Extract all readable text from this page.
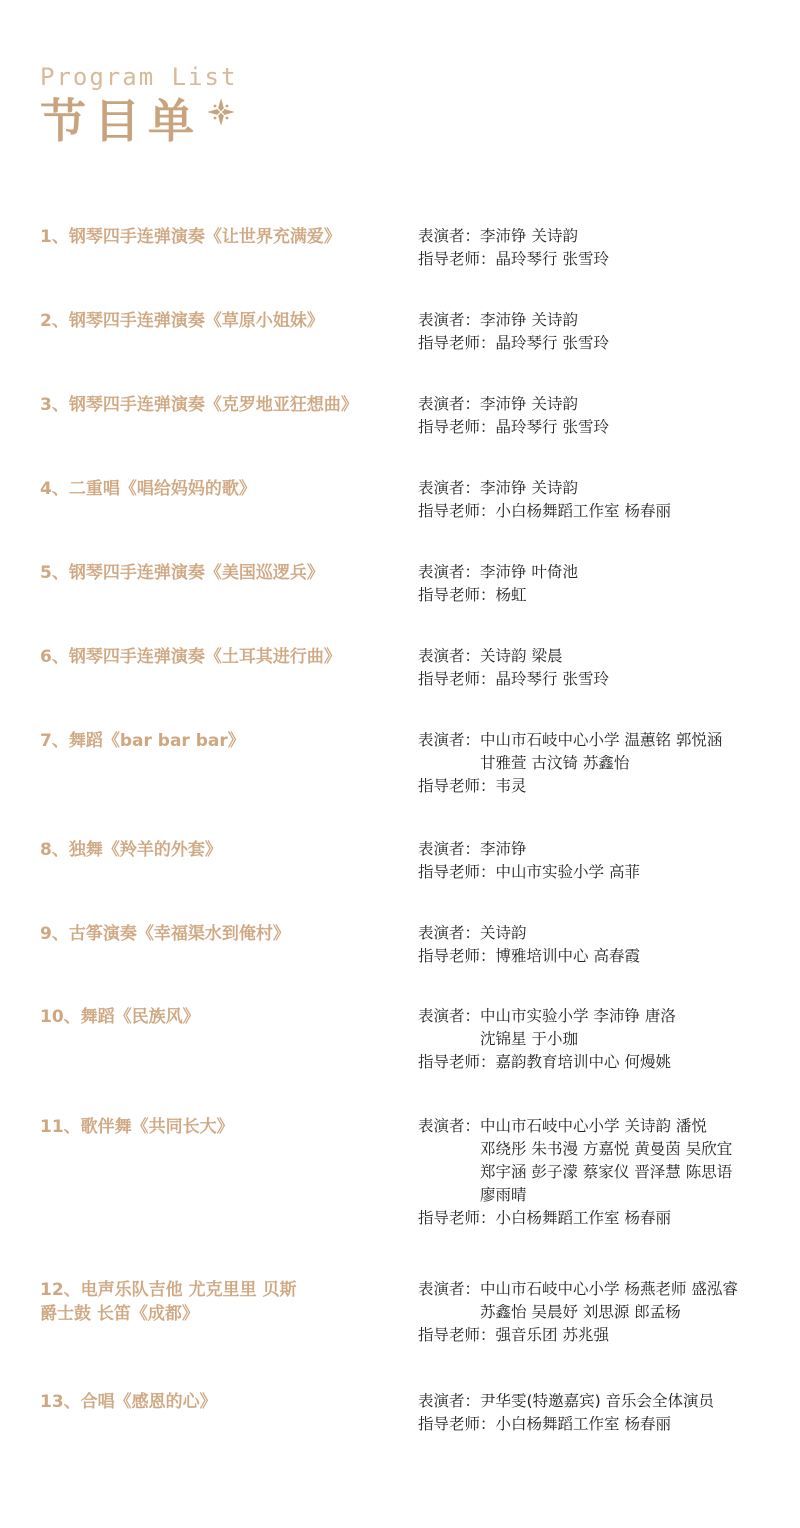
Program List
节目单
1、钢琴四手连弹演奏《让世界充满爱》	表演者： 李沛铮 关诗韵
指导老师： 晶玲琴行 张雪玲
2、钢琴四手连弹演奏《草原小姐妹》	表演者： 李沛铮 关诗韵
指导老师： 晶玲琴行 张雪玲
3、钢琴四手连弹演奏《克罗地亚狂想曲》	表演者： 李沛铮 关诗韵
指导老师： 晶玲琴行 张雪玲
4、二重唱《唱给妈妈的歌》	表演者： 李沛铮 关诗韵
指导老师： 小白杨舞蹈工作室 杨春丽
5、钢琴四手连弹演奏《美国巡逻兵》	表演者： 李沛铮 叶倚池
指导老师： 杨虹
6、钢琴四手连弹演奏《土耳其进行曲》	表演者： 关诗韵 梁晨
指导老师： 晶玲琴行 张雪玲
7、舞蹈《bar bar bar》	表演者： 中山市石岐中心小学 温蕙铭 郭悦涵
甘雅萱 古汶锜 苏鑫怡
指导老师： 韦灵
8、独舞《羚羊的外套》	表演者： 李沛铮
指导老师： 中山市实验小学 高菲
9、古筝演奏《幸福渠水到俺村》	表演者： 关诗韵
指导老师： 博雅培训中心 高春霞
10、舞蹈《民族风》	表演者： 中山市实验小学 李沛铮 唐洛
沈锦星 于小珈
指导老师： 嘉韵教育培训中心 何熳姚
11、歌伴舞《共同长大》	表演者： 中山市石岐中心小学 关诗韵 潘悦
邓绕彤 朱书漫 方嘉悦 黄曼茵 吴欣宜
郑宇涵 彭子濛 蔡家仪 晋泽慧 陈思语
廖雨晴
指导老师： 小白杨舞蹈工作室 杨春丽
12、电声乐队吉他 尤克里里 贝斯
爵士鼓 长笛《成都》
表演者： 中山市石岐中心小学 杨燕老师 盛泓睿
苏鑫怡 吴晨妤 刘思源 郎孟杨
指导老师： 强音乐团 苏兆强
13、合唱《感恩的心》	表演者： 尹华雯(特邀嘉宾) 音乐会全体演员
指导老师： 小白杨舞蹈工作室 杨春丽
